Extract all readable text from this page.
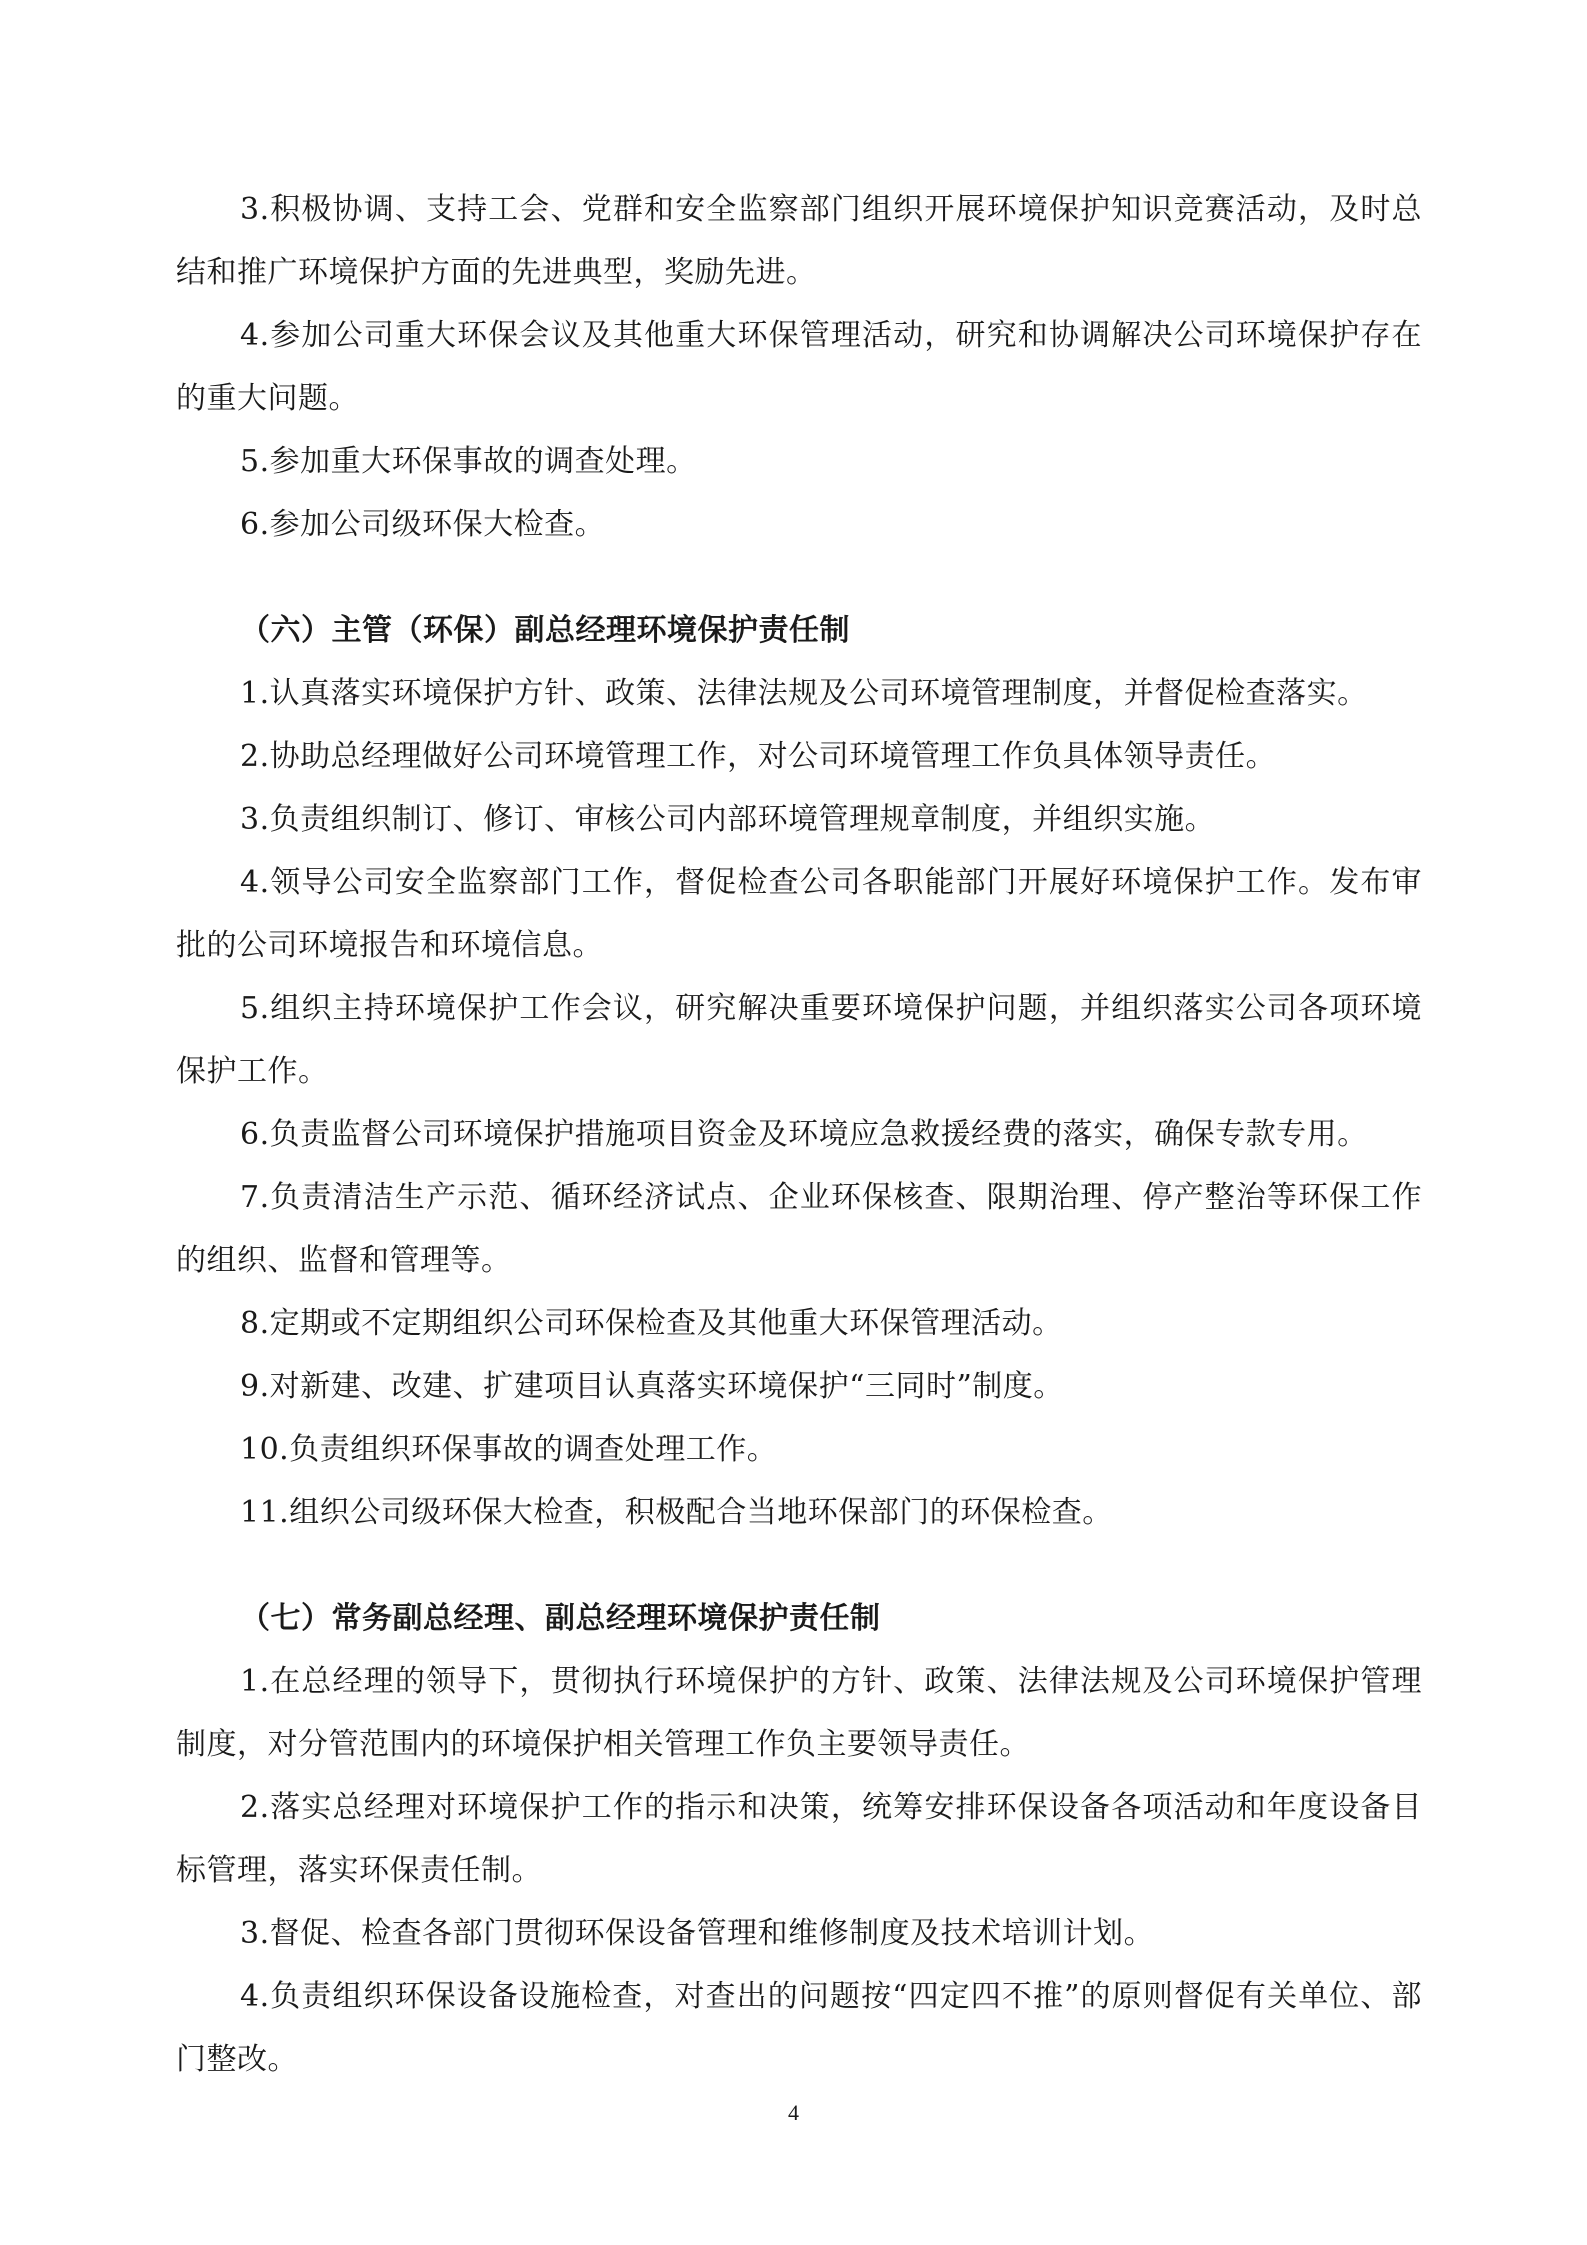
3.积极协调、支持工会、党群和安全监察部门组织开展环境保护知识竞赛活动，及时总结和推广环境保护方面的先进典型，奖励先进。

4.参加公司重大环保会议及其他重大环保管理活动，研究和协调解决公司环境保护存在的重大问题。

5.参加重大环保事故的调查处理。

6.参加公司级环保大检查。

（六）主管（环保）副总经理环境保护责任制

1.认真落实环境保护方针、政策、法律法规及公司环境管理制度，并督促检查落实。

2.协助总经理做好公司环境管理工作，对公司环境管理工作负具体领导责任。

3.负责组织制订、修订、审核公司内部环境管理规章制度，并组织实施。

4.领导公司安全监察部门工作，督促检查公司各职能部门开展好环境保护工作。发布审批的公司环境报告和环境信息。

5.组织主持环境保护工作会议，研究解决重要环境保护问题，并组织落实公司各项环境保护工作。

6.负责监督公司环境保护措施项目资金及环境应急救援经费的落实，确保专款专用。

7.负责清洁生产示范、循环经济试点、企业环保核查、限期治理、停产整治等环保工作的组织、监督和管理等。

8.定期或不定期组织公司环保检查及其他重大环保管理活动。

9.对新建、改建、扩建项目认真落实环境保护“三同时”制度。

10.负责组织环保事故的调查处理工作。

11.组织公司级环保大检查，积极配合当地环保部门的环保检查。

（七）常务副总经理、副总经理环境保护责任制

1.在总经理的领导下，贯彻执行环境保护的方针、政策、法律法规及公司环境保护管理制度，对分管范围内的环境保护相关管理工作负主要领导责任。

2.落实总经理对环境保护工作的指示和决策，统筹安排环保设备各项活动和年度设备目标管理，落实环保责任制。

3.督促、检查各部门贯彻环保设备管理和维修制度及技术培训计划。

4.负责组织环保设备设施检查，对查出的问题按“四定四不推”的原则督促有关单位、部门整改。

4
